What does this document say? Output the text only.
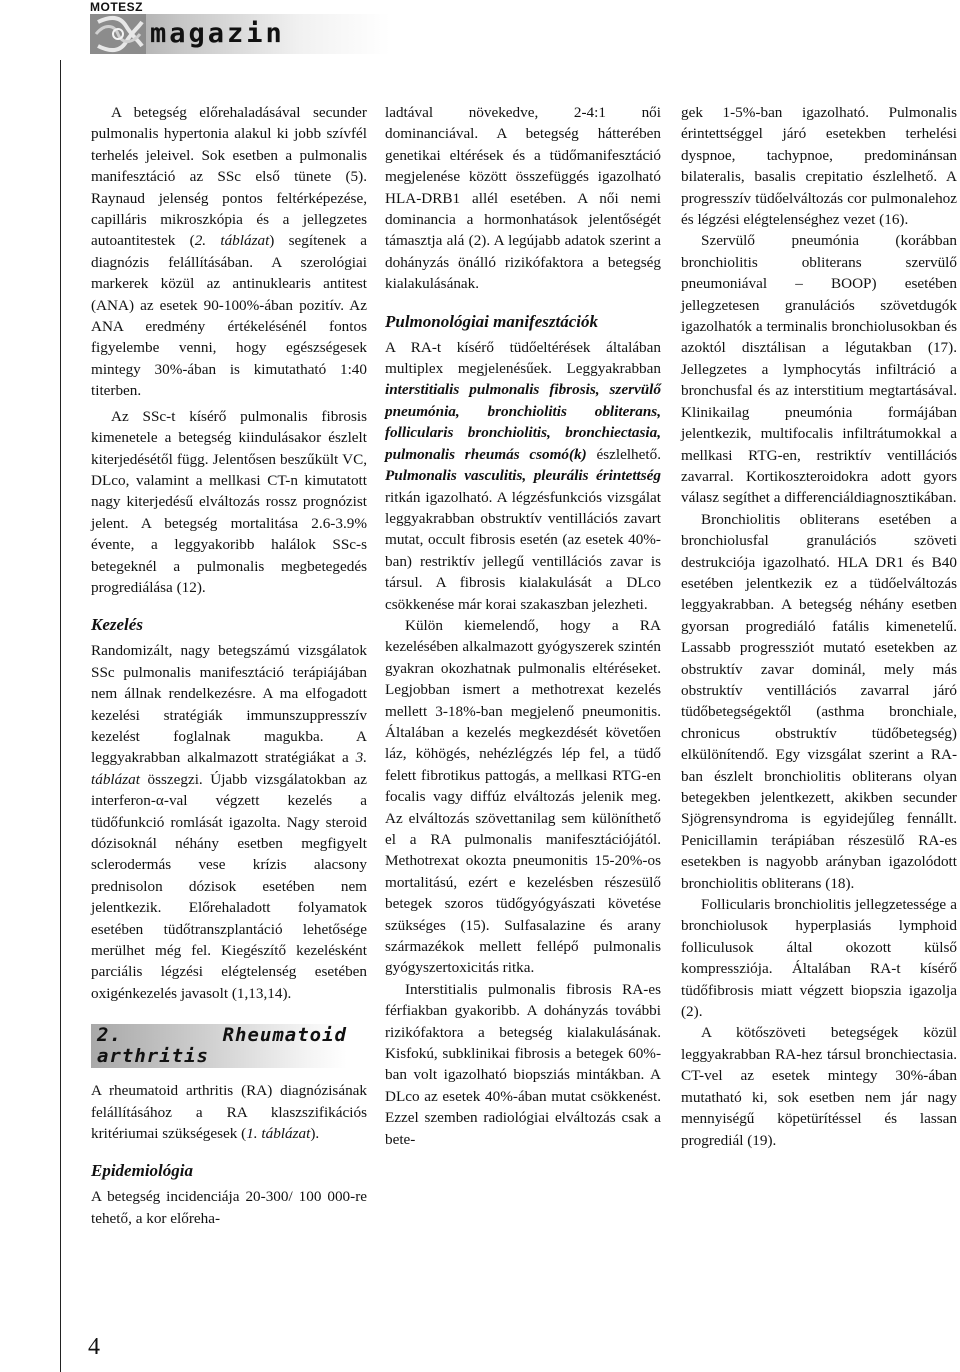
MOTESZ
magazin

A betegség előrehaladásával secunder pulmonalis hypertonia alakul ki jobb szívfél terhelés jeleivel. Sok esetben a pulmonalis manifesztáció az SSc első tünete (5). Raynaud jelenség pontos feltérképezése, capilláris mikroszkópia és a jellegzetes autoantitestek (2. táblázat) segítenek a diagnózis felállításában. A szerológiai markerek közül az antinuklearis antitest (ANA) az esetek 90-100%-ában pozitív. Az ANA eredmény értékelésénél fontos figyelembe venni, hogy egészségesek mintegy 30%-ában is kimutatható 1:40 titerben.

Az SSc-t kísérő pulmonalis fibrosis kimenetele a betegség kiindulásakor észlelt kiterjedésétől függ. Jelentősen beszűkült VC, DLco, valamint a mellkasi CT-n kimutatott nagy kiterjedésű elváltozás rossz prognózist jelent. A betegség mortalitása 2.6-3.9% évente, a leggyakoribb halálok SSc-s betegeknél a pulmonalis megbetegedés progrediálása (12).

Kezelés

Randomizált, nagy betegszámú vizsgálatok SSc pulmonalis manifesztáció terápiájában nem állnak rendelkezésre. A ma elfogadott kezelési stratégiák immunszuppresszív kezelést foglalnak magukba. A leggyakrabban alkalmazott stratégiákat a 3. táblázat összegzi. Újabb vizsgálatokban az interferon-α-val végzett kezelés a tüdőfunkció romlását igazolta. Nagy steroid dózisoknál néhány esetben megfigyelt sclerodermás vese krízis alacsony prednisolon dózisok esetében nem jelentkezik. Előrehaladott folyamatok esetében tüdőtranszplantáció lehetősége merülhet még fel. Kiegészítő kezelésként parciális légzési elégtelenség esetében oxigénkezelés javasolt (1,13,14).

2. Rheumatoid arthritis

A rheumatoid arthritis (RA) diagnózisának felállításához a RA klaszszifikációs kritériumai szükségesek (1. táblázat).

Epidemiológia

A betegség incidenciája 20-300/ 100 000-re tehető, a kor előreha-

ladtával növekedve, 2-4:1 női dominanciával. A betegség hátterében genetikai eltérések és a tüdőmanifesztáció megjelenése között összefüggés igazolható HLA-DRB1 allél esetében. A női nemi dominancia a hormonhatások jelentőségét támasztja alá (2). A legújabb adatok szerint a dohányzás önálló rizikófaktora a betegség kialakulásának.

Pulmonológiai manifesztációk

A RA-t kísérő tüdőeltérések általában multiplex megjelenésűek. Leggyakrabban interstitialis pulmonalis fibrosis, szervülő pneumónia, bronchiolitis obliterans, follicularis bronchiolitis, bronchiectasia, pulmonalis rheumás csomó(k) észlelhető. Pulmonalis vasculitis, pleurális érintettség ritkán igazolható. A légzésfunkciós vizsgálat leggyakrabban obstruktív ventillációs zavart mutat, occult fibrosis esetén (az esetek 40%-ban) restriktív jellegű ventillációs zavar is társul. A fibrosis kialakulását a DLco csökkenése már korai szakaszban jelezheti.

Külön kiemelendő, hogy a RA kezelésében alkalmazott gyógyszerek szintén gyakran okozhatnak pulmonalis eltéréseket. Legjobban ismert a methotrexat kezelés mellett 3-18%-ban megjelenő pneumonitis. Általában a kezelés megkezdését követően láz, köhögés, nehézlégzés lép fel, a tüdő felett fibrotikus pattogás, a mellkasi RTG-en focalis vagy diffúz elváltozás jelenik meg. Az elváltozás szövettanilag sem különíthető el a RA pulmonalis manifesztációjától. Methotrexat okozta pneumonitis 15-20%-os mortalitású, ezért e kezelésben részesülő betegek szoros tüdőgyógyászati követése szükséges (15). Sulfasalazine és arany származékok mellett fellépő pulmonalis gyógyszertoxicitás ritka.

Interstitialis pulmonalis fibrosis RA-es férfiakban gyakoribb. A dohányzás további rizikófaktora a betegség kialakulásának. Kisfokú, subklinikai fibrosis a betegek 60%-ban volt igazolható biopsziás mintákban. A DLco az esetek 40%-ában mutat csökkenést. Ezzel szemben radiológiai elváltozás csak a bete-

gek 1-5%-ban igazolható. Pulmonalis érintettséggel járó esetekben terhelési dyspnoe, tachypnoe, predominánsan bilateralis, basalis crepitatio észlelhető. A progresszív tüdőelváltozás cor pulmonalehoz és légzési elégtelenséghez vezet (16).

Szervülő pneumónia (korábban bronchiolitis obliterans szervülő pneumoniával – BOOP) esetében jellegzetesen granulációs szövetdugók igazolhatók a terminalis bronchiolusokban és azoktól disztálisan a légutakban (17). Jellegzetes a lymphocytás infiltráció a bronchusfal és az interstitium megtartásával. Klinikailag pneumónia formájában jelentkezik, multifocalis infiltrátumokkal a mellkasi RTG-en, restriktív ventillációs zavarral. Kortikoszteroidokra adott gyors válasz segíthet a differenciáldiagnosztikában.

Bronchiolitis obliterans esetében a bronchiolusfal granulációs szöveti destrukciója igazolható. HLA DR1 és B40 esetében jelentkezik ez a tüdőelváltozás leggyakrabban. A betegség néhány esetben gyorsan progrediáló fatális kimenetelű. Lassabb progressziót mutató esetekben az obstruktív zavar dominál, mely más obstruktív ventillációs zavarral járó tüdőbetegségektől (asthma bronchiale, chronicus obstruktív tüdőbetegség) elkülönítendő. Egy vizsgálat szerint a RA-ban észlelt bronchiolitis obliterans olyan betegekben jelentkezett, akikben secunder Sjögrensyndroma is egyidejűleg fennállt. Penicillamin terápiában részesülő RA-es esetekben is nagyobb arányban igazolódott bronchiolitis obliterans (18).

Follicularis bronchiolitis jellegzetessége a bronchiolusok hyperplasiás lymphoid folliculusok által okozott külső kompressziója. Általában RA-t kísérő tüdőfibrosis miatt végzett biopszia igazolja (2).

A kötőszöveti betegségek közül leggyakrabban RA-hez társul bronchiectasia. CT-vel az esetek mintegy 30%-ában mutatható ki, sok esetben nem jár nagy mennyiségű köpetürítéssel és lassan progrediál (19).

4
